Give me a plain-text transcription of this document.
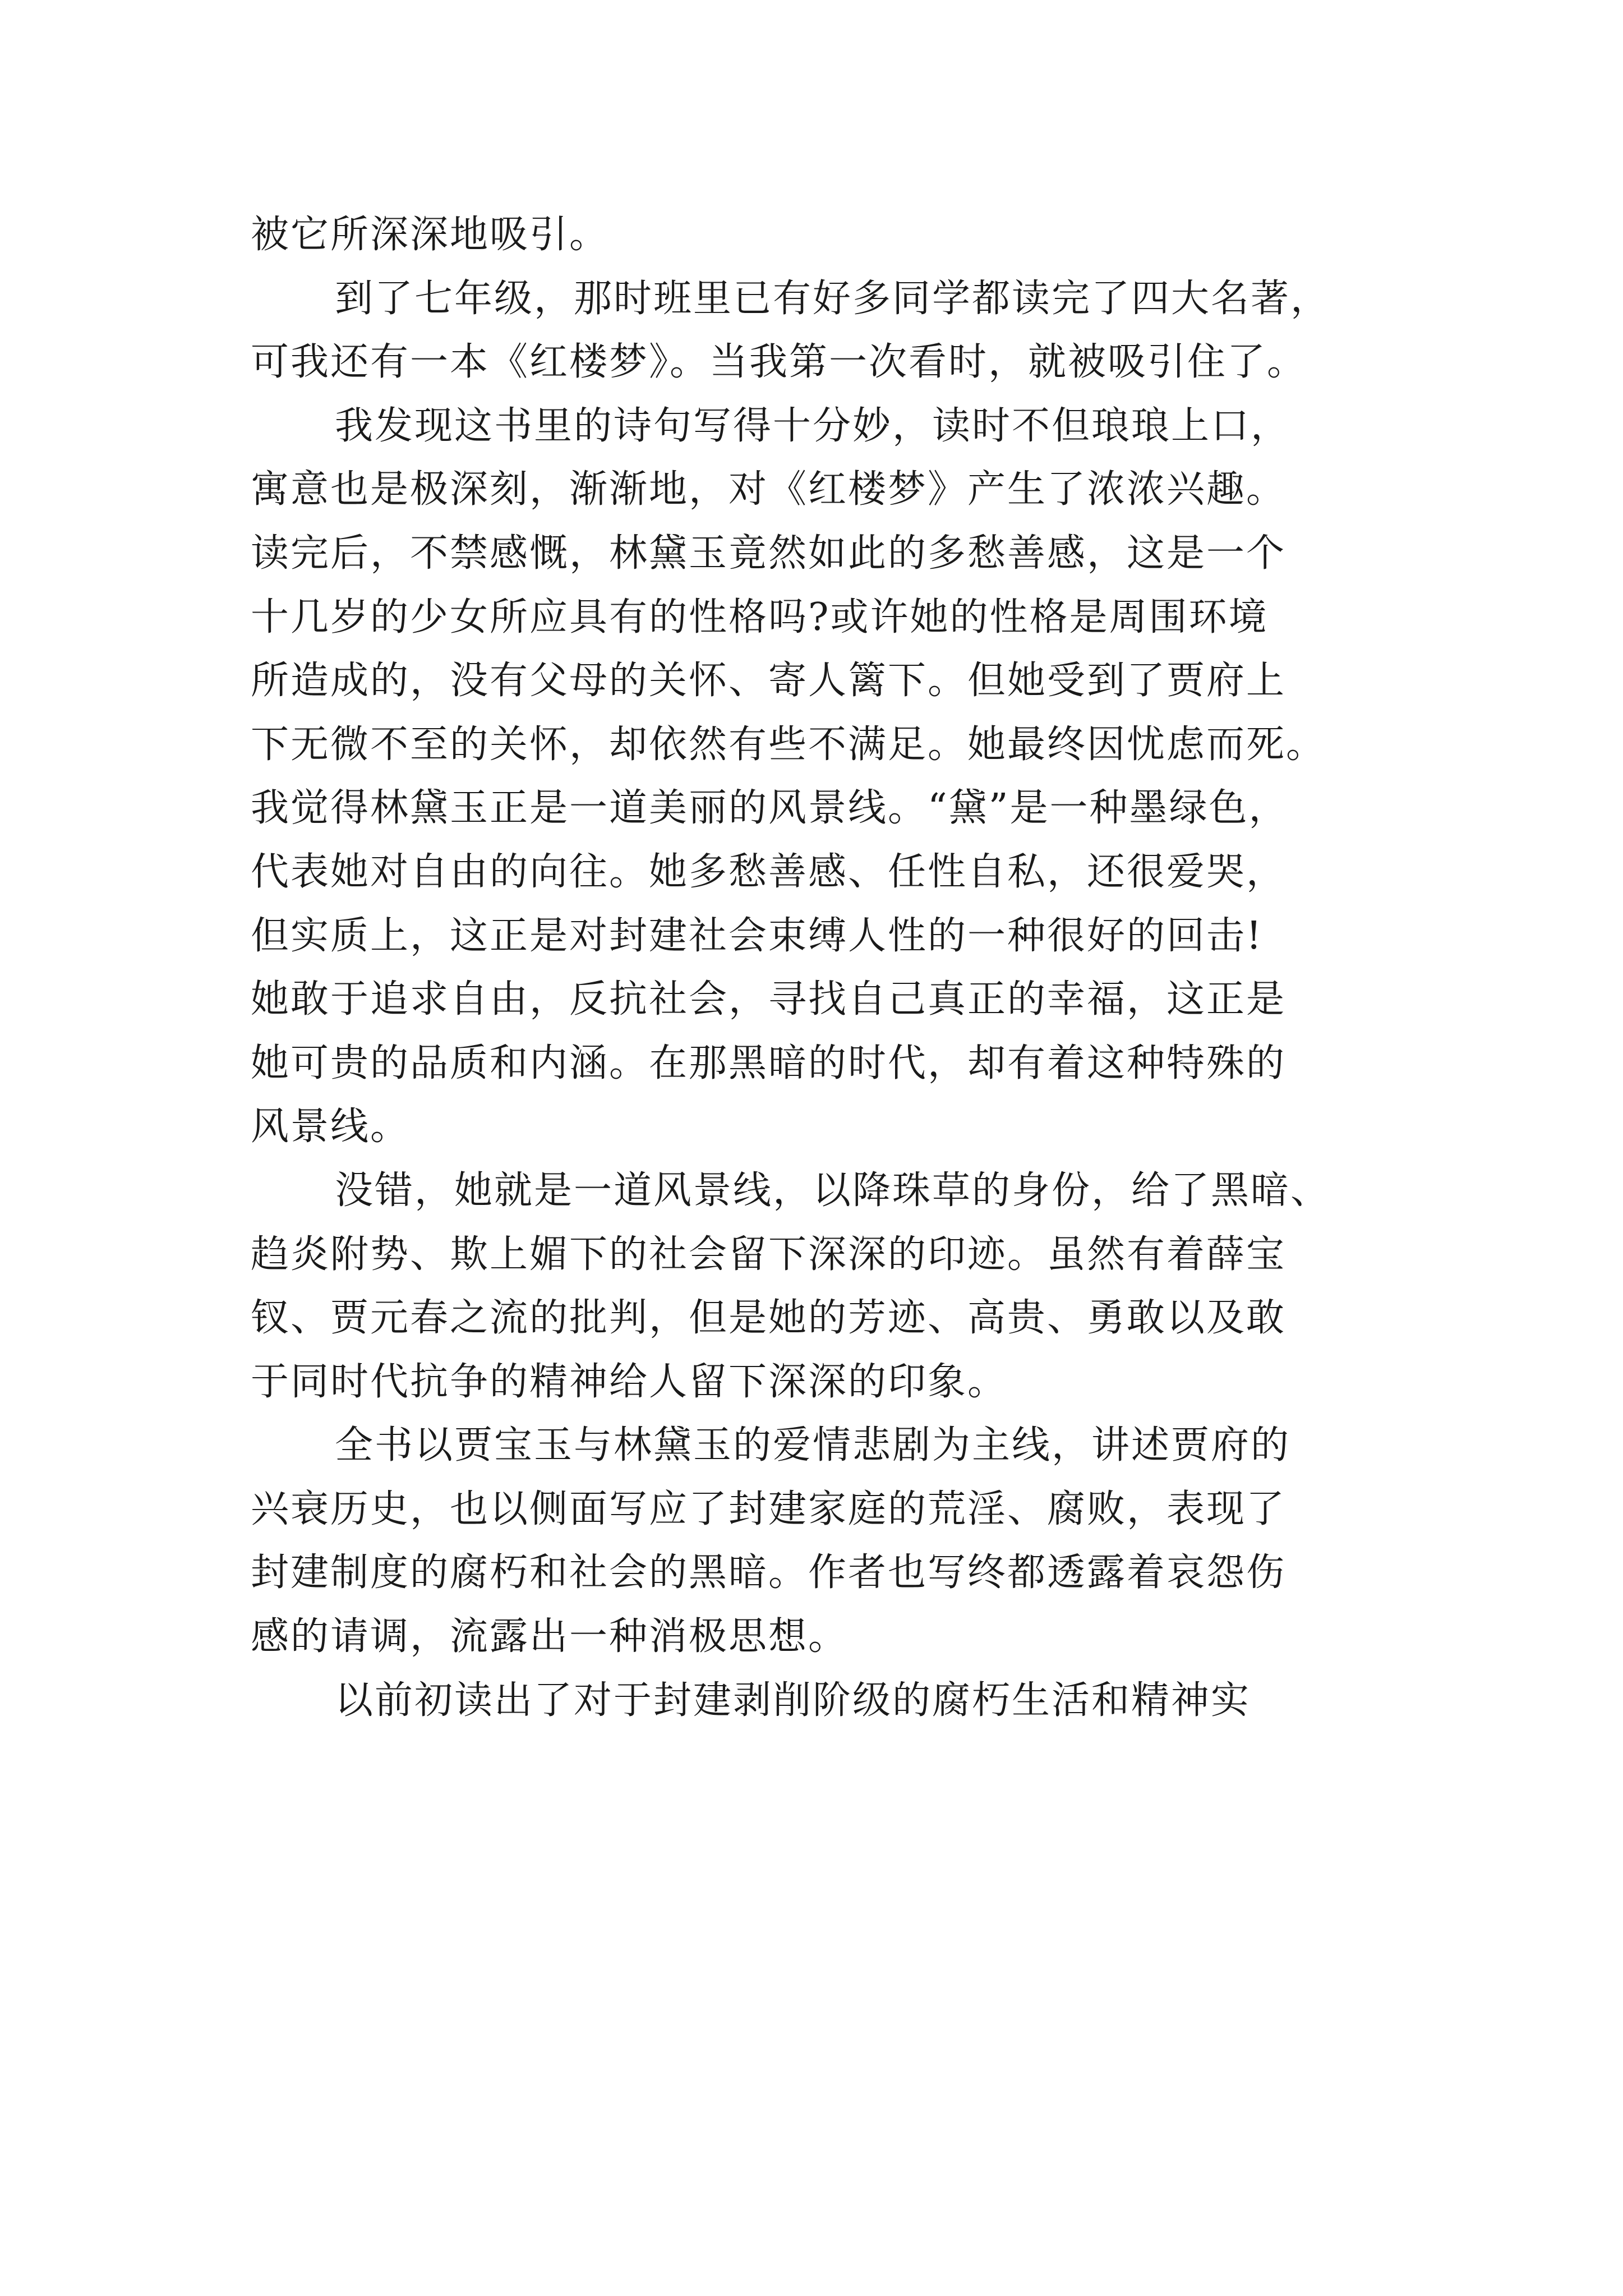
被它所深深地吸引。
到了七年级，那时班里已有好多同学都读完了四大名著，
可我还有一本《红楼梦》。当我第一次看时，就被吸引住了。
我发现这书里的诗句写得十分妙，读时不但琅琅上口，
寓意也是极深刻，渐渐地，对《红楼梦》产生了浓浓兴趣。
读完后，不禁感慨，林黛玉竟然如此的多愁善感，这是一个
十几岁的少女所应具有的性格吗?或许她的性格是周围环境
所造成的，没有父母的关怀、寄人篱下。但她受到了贾府上
下无微不至的关怀，却依然有些不满足。她最终因忧虑而死。
我觉得林黛玉正是一道美丽的风景线。“黛”是一种墨绿色，
代表她对自由的向往。她多愁善感、任性自私，还很爱哭，
但实质上，这正是对封建社会束缚人性的一种很好的回击!
她敢于追求自由，反抗社会，寻找自己真正的幸福，这正是
她可贵的品质和内涵。在那黑暗的时代，却有着这种特殊的
风景线。
没错，她就是一道风景线，以降珠草的身份，给了黑暗、
趋炎附势、欺上媚下的社会留下深深的印迹。虽然有着薛宝
钗、贾元春之流的批判，但是她的芳迹、高贵、勇敢以及敢
于同时代抗争的精神给人留下深深的印象。
全书以贾宝玉与林黛玉的爱情悲剧为主线，讲述贾府的
兴衰历史，也以侧面写应了封建家庭的荒淫、腐败，表现了
封建制度的腐朽和社会的黑暗。作者也写终都透露着哀怨伤
感的请调，流露出一种消极思想。
以前初读出了对于封建剥削阶级的腐朽生活和精神实
